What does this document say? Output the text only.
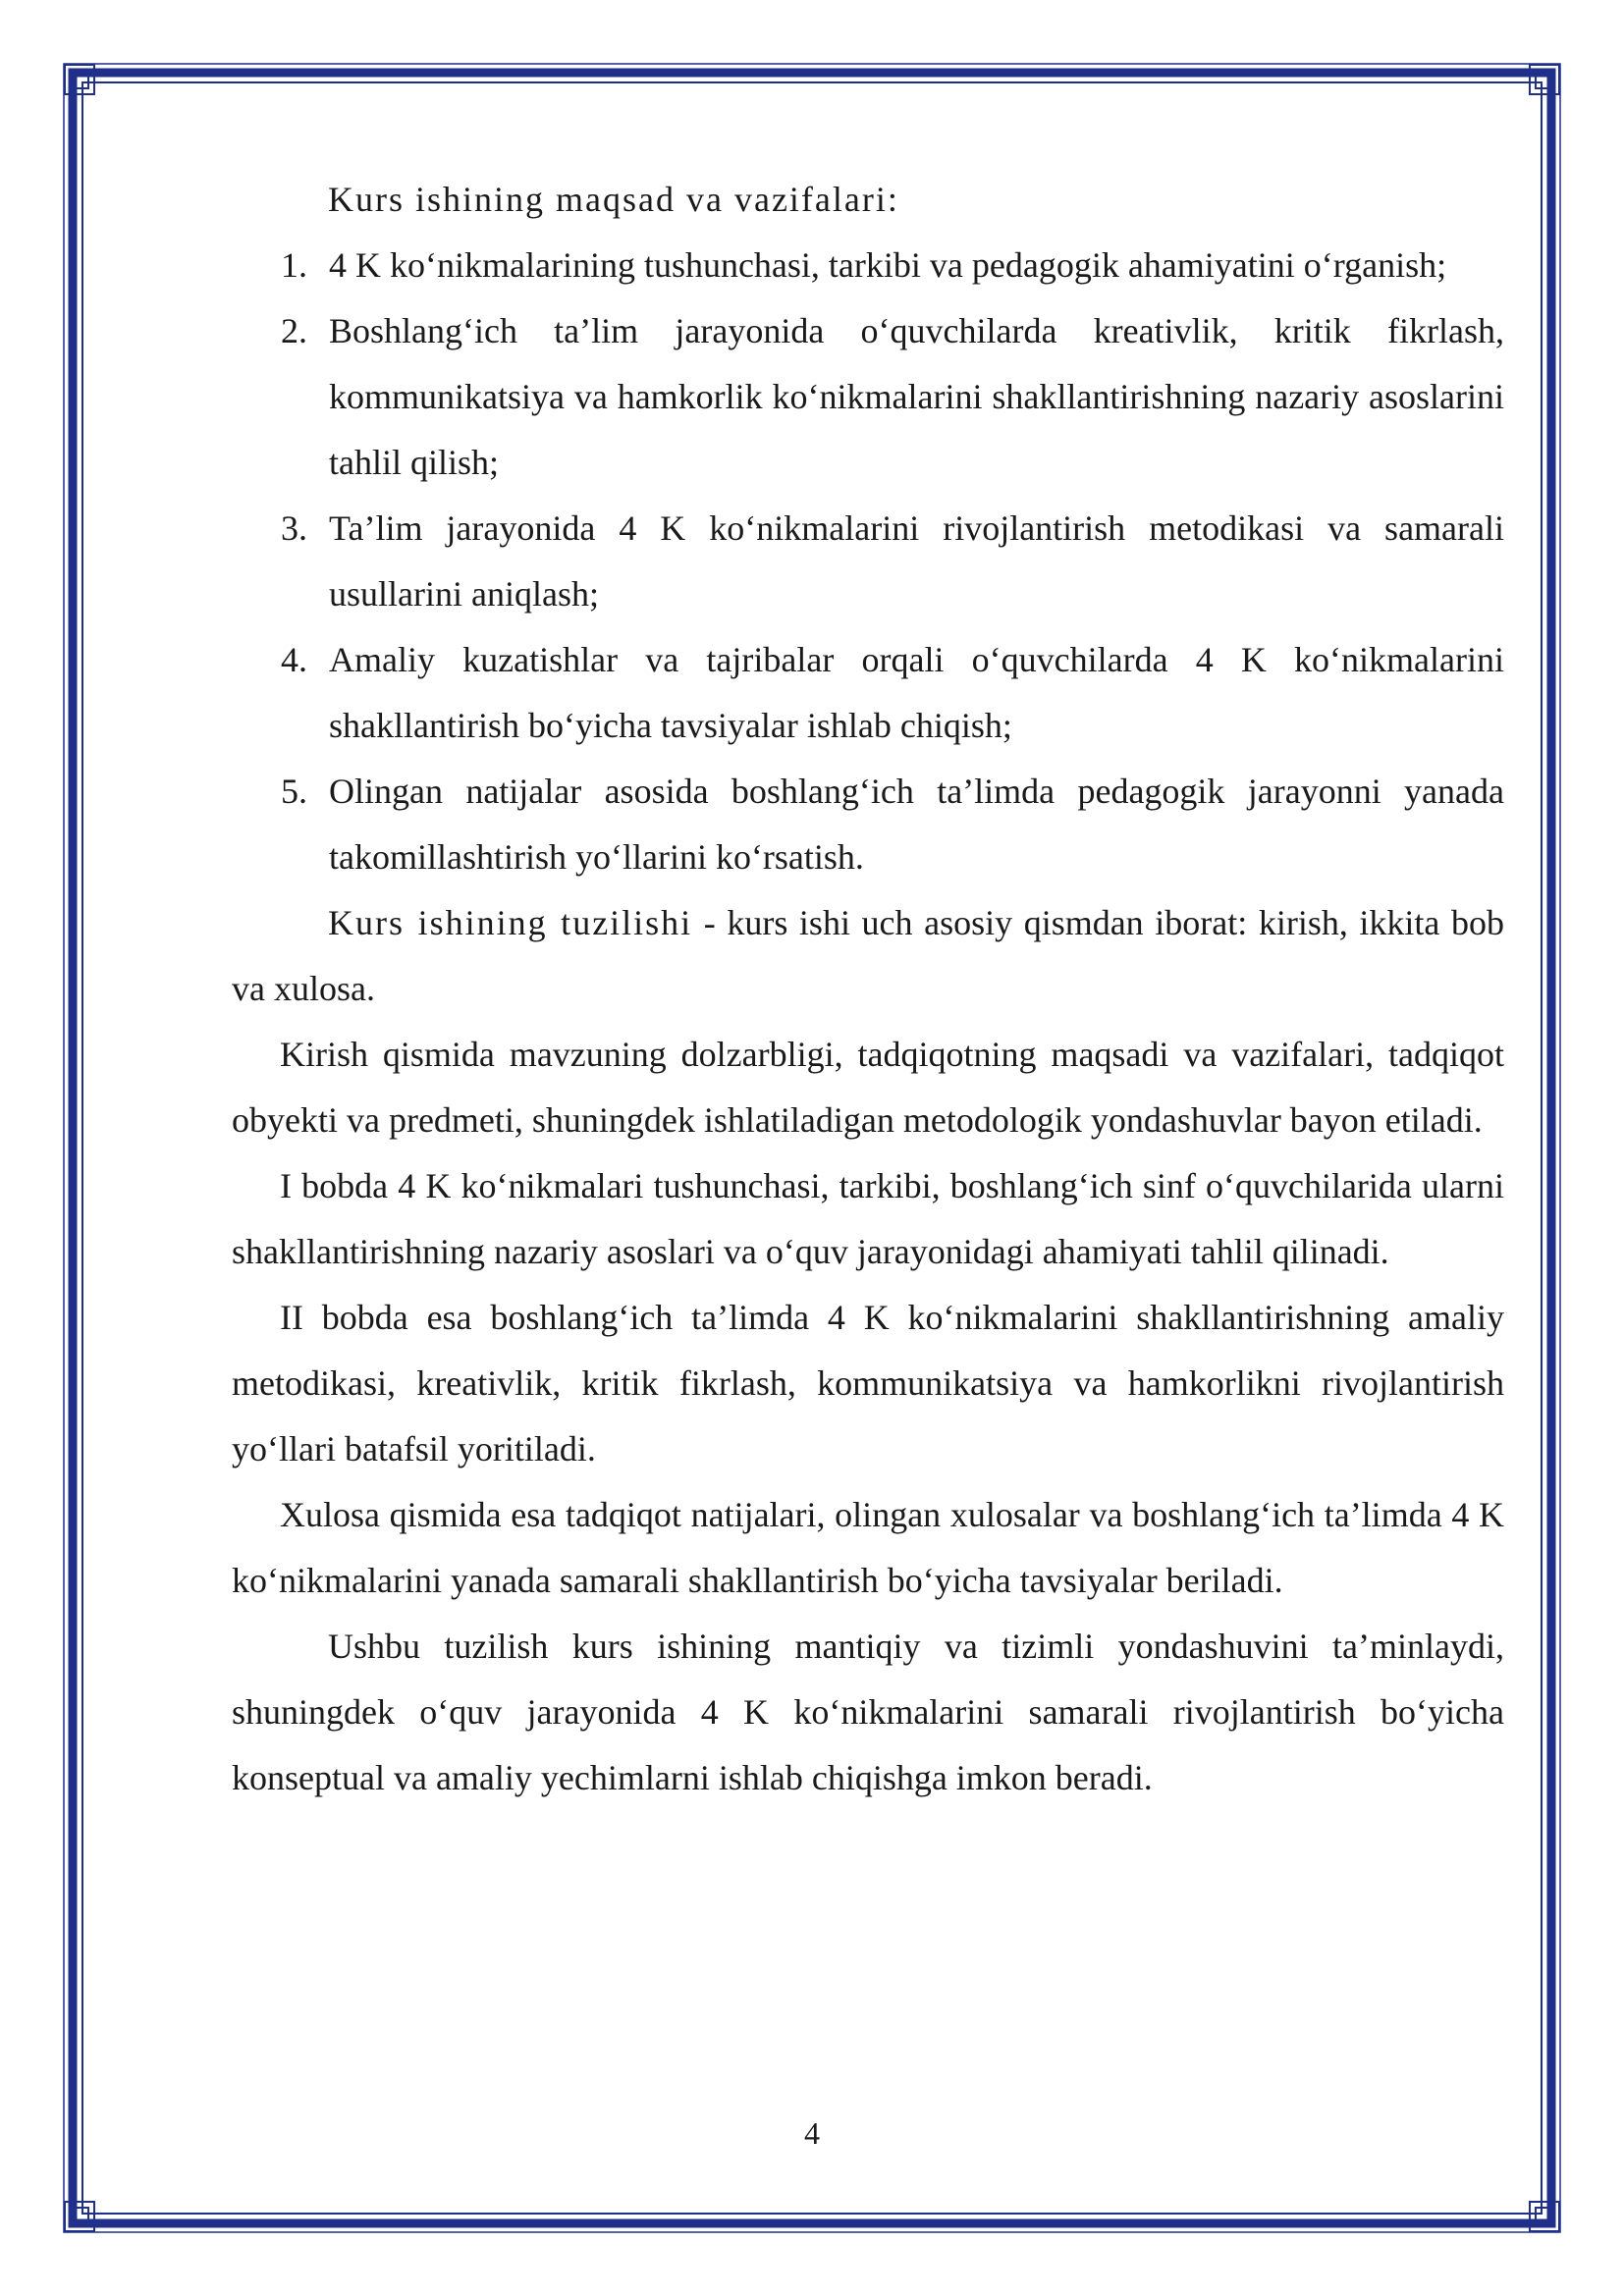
Kurs ishining maqsad va vazifalari:

1. 4 K ko‘nikmalarining tushunchasi, tarkibi va pedagogik ahamiyatini o‘rganish;
2. Boshlang‘ich ta’lim jarayonida o‘quvchilarda kreativlik, kritik fikrlash, kommunikatsiya va hamkorlik ko‘nikmalarini shakllantirishning nazariy asoslarini tahlil qilish;
3. Ta’lim jarayonida 4 K ko‘nikmalarini rivojlantirish metodikasi va samarali usullarini aniqlash;
4. Amaliy kuzatishlar va tajribalar orqali o‘quvchilarda 4 K ko‘nikmalarini shakllantirish bo‘yicha tavsiyalar ishlab chiqish;
5. Olingan natijalar asosida boshlang‘ich ta’limda pedagogik jarayonni yanada takomillashtirish yo‘llarini ko‘rsatish.

Kurs ishining tuzilishi - kurs ishi uch asosiy qismdan iborat: kirish, ikkita bob va xulosa.

Kirish qismida mavzuning dolzarbligi, tadqiqotning maqsadi va vazifalari, tadqiqot obyekti va predmeti, shuningdek ishlatiladigan metodologik yondashuvlar bayon etiladi.

I bobda 4 K ko‘nikmalari tushunchasi, tarkibi, boshlang‘ich sinf o‘quvchilarida ularni shakllantirishning nazariy asoslari va o‘quv jarayonidagi ahamiyati tahlil qilinadi.

II bobda esa boshlang‘ich ta’limda 4 K ko‘nikmalarini shakllantirishning amaliy metodikasi, kreativlik, kritik fikrlash, kommunikatsiya va hamkorlikni rivojlantirish yo‘llari batafsil yoritiladi.

Xulosa qismida esa tadqiqot natijalari, olingan xulosalar va boshlang‘ich ta’limda 4 K ko‘nikmalarini yanada samarali shakllantirish bo‘yicha tavsiyalar beriladi.

Ushbu tuzilish kurs ishining mantiqiy va tizimli yondashuvini ta’minlaydi, shuningdek o‘quv jarayonida 4 K ko‘nikmalarini samarali rivojlantirish bo‘yicha konseptual va amaliy yechimlarni ishlab chiqishga imkon beradi.

4
